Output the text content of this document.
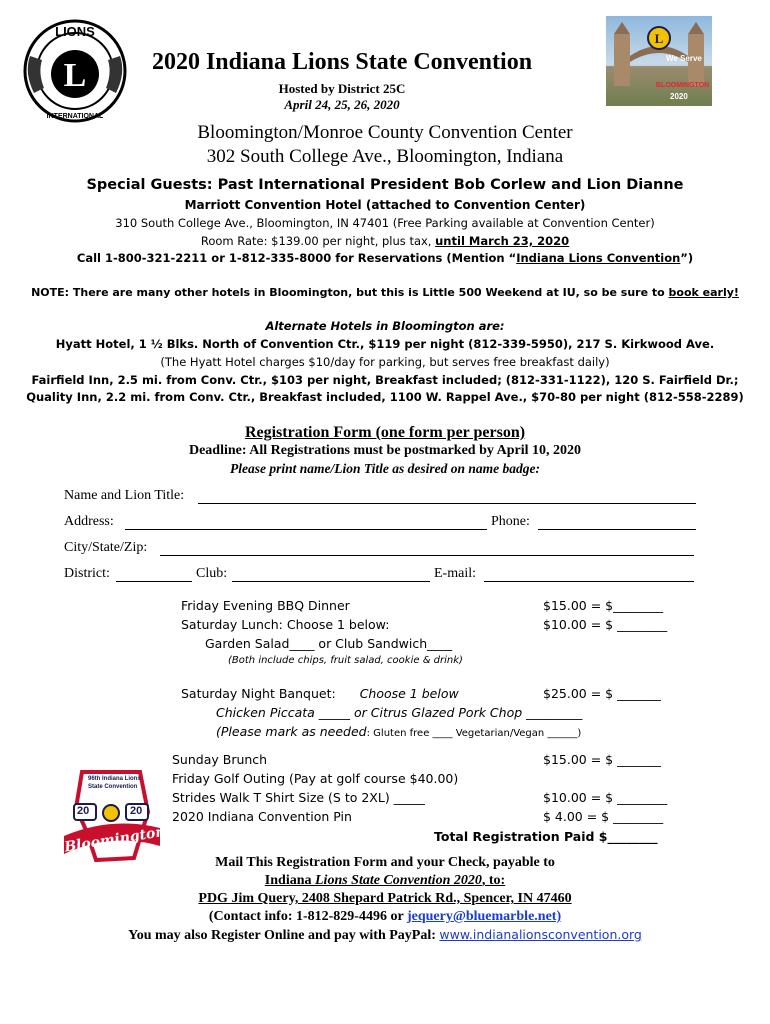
L
LIONS
INTERNATIONAL
L
We Serve
BLOOMINGTON
2020
2020 Indiana Lions State Convention
Hosted by District 25C
April 24, 25, 26, 2020
Bloomington/Monroe County Convention Center
302 South College Ave., Bloomington, Indiana
Special Guests: Past International President Bob Corlew and Lion Dianne
Marriott Convention Hotel (attached to Convention Center)
310 South College Ave., Bloomington, IN 47401 (Free Parking available at Convention Center)
Room Rate: $139.00 per night, plus tax, until March 23, 2020
Call 1-800-321-2211 or 1-812-335-8000 for Reservations (Mention “Indiana Lions Convention”)
NOTE: There are many other hotels in Bloomington, but this is Little 500 Weekend at IU, so be sure to book early!
Alternate Hotels in Bloomington are:
Hyatt Hotel, 1 ½ Blks. North of Convention Ctr., $119 per night (812-339-5950), 217 S. Kirkwood Ave.
(The Hyatt Hotel charges $10/day for parking, but serves free breakfast daily)
Fairfield Inn, 2.5 mi. from Conv. Ctr., $103 per night, Breakfast included; (812-331-1122), 120 S. Fairfield Dr.;
Quality Inn, 2.2 mi. from Conv. Ctr., Breakfast included, 1100 W. Rappel Ave., $70-80 per night (812-558-2289)
Registration Form (one form per person)
Deadline: All Registrations must be postmarked by April 10, 2020
Please print name/Lion Title as desired on name badge:
Name and Lion Title:
Address:	Phone:
City/State/Zip:
District:	Club:	E-mail:
Friday Evening BBQ Dinner	$15.00 = $________
Saturday Lunch: Choose 1 below:	$10.00 = $ ________
Garden Salad____ or Club Sandwich____
(Both include chips, fruit salad, cookie & drink)
Saturday Night Banquet: Choose 1 below	$25.00 = $ _______
Chicken Piccata _____ or Citrus Glazed Pork Chop _________
(Please mark as needed: Gluten free ____ Vegetarian/Vegan ______)
Sunday Brunch	$15.00 = $ _______
Friday Golf Outing (Pay at golf course $40.00)
Strides Walk T Shirt Size (S to 2XL) _____	$10.00 = $ ________
2020 Indiana Convention Pin	$ 4.00 = $ ________
Total Registration Paid $________
96th Indiana Lions
State Convention
20	20
Bloomington
Mail This Registration Form and your Check, payable to
Indiana Lions State Convention 2020, to:
PDG Jim Query, 2408 Shepard Patrick Rd., Spencer, IN 47460
(Contact info: 1-812-829-4496 or jequery@bluemarble.net)
You may also Register Online and pay with PayPal: www.indianalionsconvention.org
